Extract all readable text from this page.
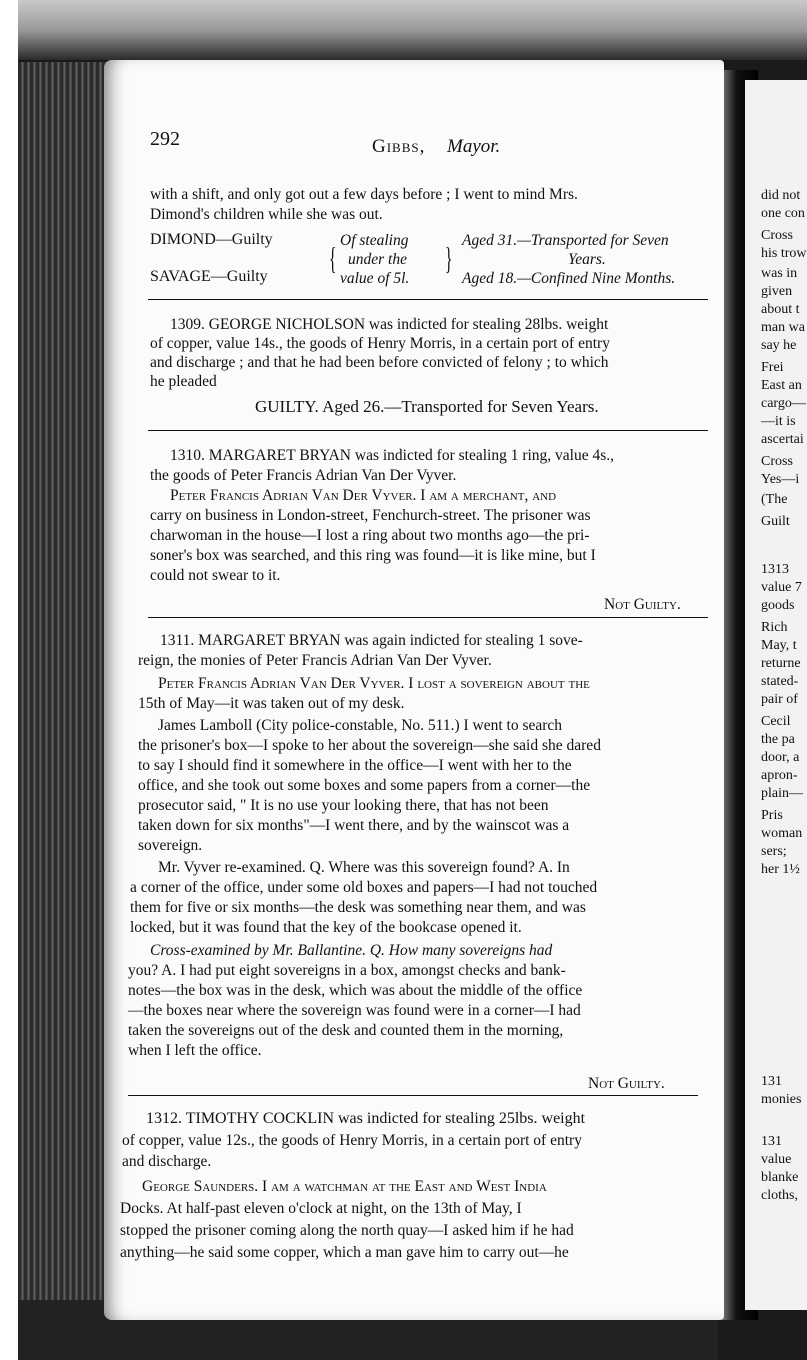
did not
one con
Cross
his trow
was in
given
about t
man wa
say he
Frei
East an
cargo—
—it is
ascertai
Cross
Yes—i
(The
Guilt
1313
value 7
goods
Rich
May, t
returne
stated-
pair of
Cecil
the pa
door, a
apron-
plain—
Pris
woman
sers;
her 1½
131
monies
131
value
blanke
cloths,
292	Gibbs, Mayor.
with a shift, and only got out a few days before ; I went to mind Mrs.
Dimond's children while she was out.
DIMOND—Guilty
SAVAGE—Guilty
{ Of stealing
under the
value of 5l.
} Aged 31.—Transported for Seven
Years.
Aged 18.—Confined Nine Months.
1309. GEORGE NICHOLSON was indicted for stealing 28lbs. weight
of copper, value 14s., the goods of Henry Morris, in a certain port of entry
and discharge ; and that he had been before convicted of felony ; to which
he pleaded
GUILTY. Aged 26.—Transported for Seven Years.
1310. MARGARET BRYAN was indicted for stealing 1 ring, value 4s.,
the goods of Peter Francis Adrian Van Der Vyver.
Peter Francis Adrian Van Der Vyver. I am a merchant, and
carry on business in London-street, Fenchurch-street. The prisoner was
charwoman in the house—I lost a ring about two months ago—the pri-
soner's box was searched, and this ring was found—it is like mine, but I
could not swear to it.
Not Guilty.
1311. MARGARET BRYAN was again indicted for stealing 1 sove-
reign, the monies of Peter Francis Adrian Van Der Vyver.
Peter Francis Adrian Van Der Vyver. I lost a sovereign about the
15th of May—it was taken out of my desk.
James Lamboll (City police-constable, No. 511.) I went to search
the prisoner's box—I spoke to her about the sovereign—she said she dared
to say I should find it somewhere in the office—I went with her to the
office, and she took out some boxes and some papers from a corner—the
prosecutor said, " It is no use your looking there, that has not been
taken down for six months"—I went there, and by the wainscot was a
sovereign.
Mr. Vyver re-examined. Q. Where was this sovereign found? A. In
a corner of the office, under some old boxes and papers—I had not touched
them for five or six months—the desk was something near them, and was
locked, but it was found that the key of the bookcase opened it.
Cross-examined by Mr. Ballantine. Q. How many sovereigns had
you? A. I had put eight sovereigns in a box, amongst checks and bank-
notes—the box was in the desk, which was about the middle of the office
—the boxes near where the sovereign was found were in a corner—I had
taken the sovereigns out of the desk and counted them in the morning,
when I left the office.
Not Guilty.
1312. TIMOTHY COCKLIN was indicted for stealing 25lbs. weight
of copper, value 12s., the goods of Henry Morris, in a certain port of entry
and discharge.
George Saunders. I am a watchman at the East and West India
Docks. At half-past eleven o'clock at night, on the 13th of May, I
stopped the prisoner coming along the north quay—I asked him if he had
anything—he said some copper, which a man gave him to carry out—he
